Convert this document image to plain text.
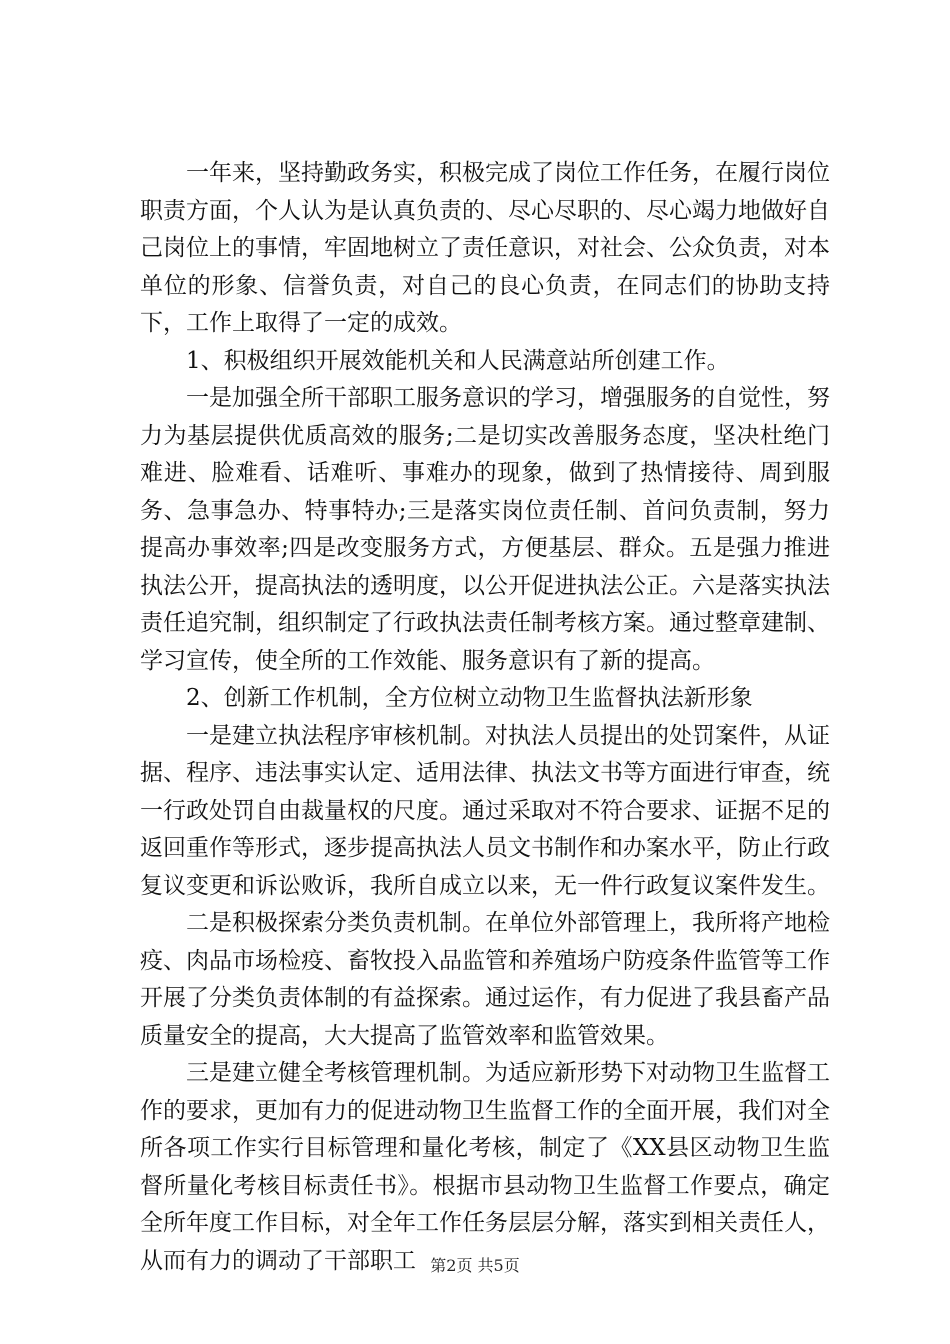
一年来，坚持勤政务实，积极完成了岗位工作任务，在履行岗位职责方面，个人认为是认真负责的、尽心尽职的、尽心竭力地做好自己岗位上的事情，牢固地树立了责任意识，对社会、公众负责，对本单位的形象、信誉负责，对自己的良心负责，在同志们的协助支持下，工作上取得了一定的成效。

1、积极组织开展效能机关和人民满意站所创建工作。

一是加强全所干部职工服务意识的学习，增强服务的自觉性，努力为基层提供优质高效的服务;二是切实改善服务态度，坚决杜绝门难进、脸难看、话难听、事难办的现象，做到了热情接待、周到服务、急事急办、特事特办;三是落实岗位责任制、首问负责制，努力提高办事效率;四是改变服务方式，方便基层、群众。五是强力推进执法公开，提高执法的透明度，以公开促进执法公正。六是落实执法责任追究制，组织制定了行政执法责任制考核方案。通过整章建制、学习宣传，使全所的工作效能、服务意识有了新的提高。

2、创新工作机制，全方位树立动物卫生监督执法新形象

一是建立执法程序审核机制。对执法人员提出的处罚案件，从证据、程序、违法事实认定、适用法律、执法文书等方面进行审查，统一行政处罚自由裁量权的尺度。通过采取对不符合要求、证据不足的返回重作等形式，逐步提高执法人员文书制作和办案水平，防止行政复议变更和诉讼败诉，我所自成立以来，无一件行政复议案件发生。

二是积极探索分类负责机制。在单位外部管理上，我所将产地检疫、肉品市场检疫、畜牧投入品监管和养殖场户防疫条件监管等工作开展了分类负责体制的有益探索。通过运作，有力促进了我县畜产品质量安全的提高，大大提高了监管效率和监管效果。

三是建立健全考核管理机制。为适应新形势下对动物卫生监督工作的要求，更加有力的促进动物卫生监督工作的全面开展，我们对全所各项工作实行目标管理和量化考核，制定了《XX县区动物卫生监督所量化考核目标责任书》。根据市县动物卫生监督工作要点，确定全所年度工作目标，对全年工作任务层层分解，落实到相关责任人，从而有力的调动了干部职工 第2页 共5页
